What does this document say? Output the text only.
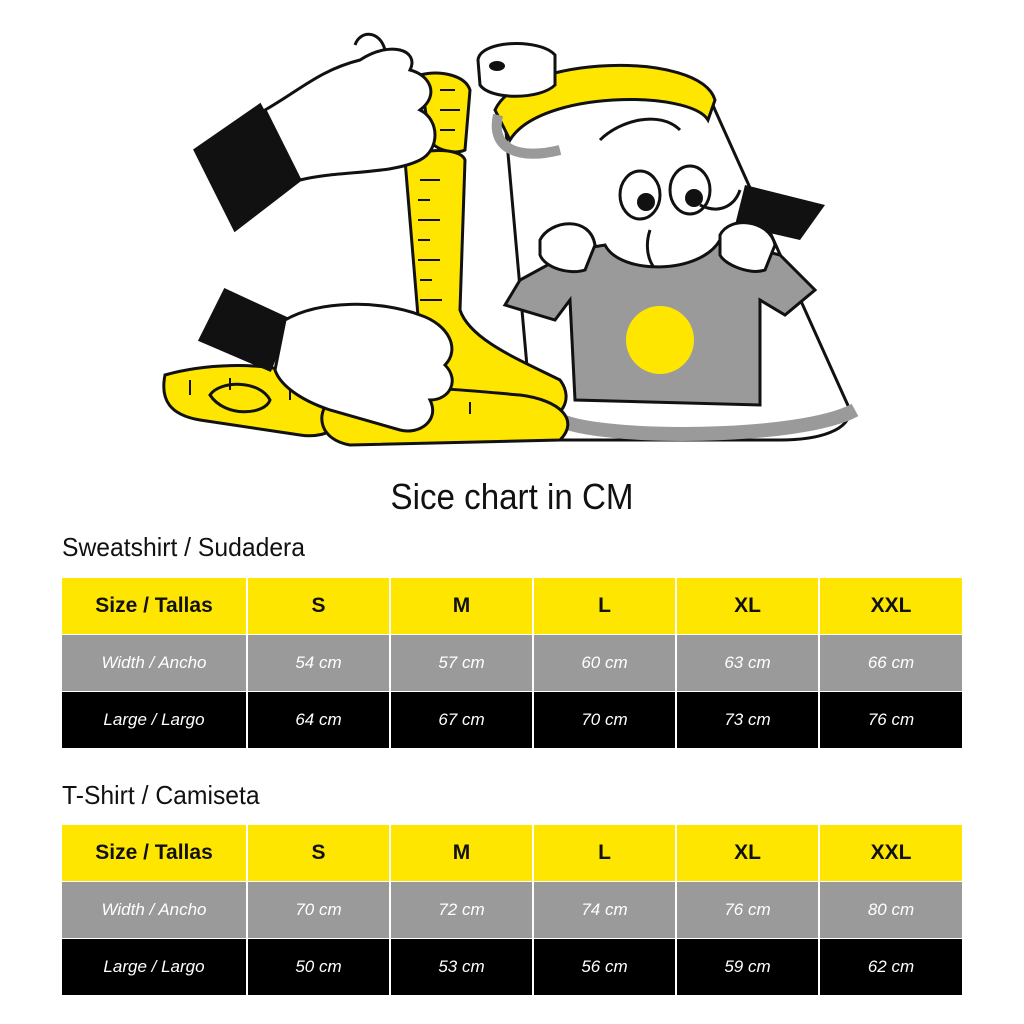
Sice chart in CM
Sweatshirt / Sudadera
Size / Tallas	S	M	L	XL	XXL
Width / Ancho	54 cm	57 cm	60 cm	63 cm	66 cm
Large / Largo	64 cm	67 cm	70 cm	73 cm	76 cm
T-Shirt / Camiseta
Size / Tallas	S	M	L	XL	XXL
Width / Ancho	70 cm	72 cm	74 cm	76 cm	80 cm
Large / Largo	50 cm	53 cm	56 cm	59 cm	62 cm
